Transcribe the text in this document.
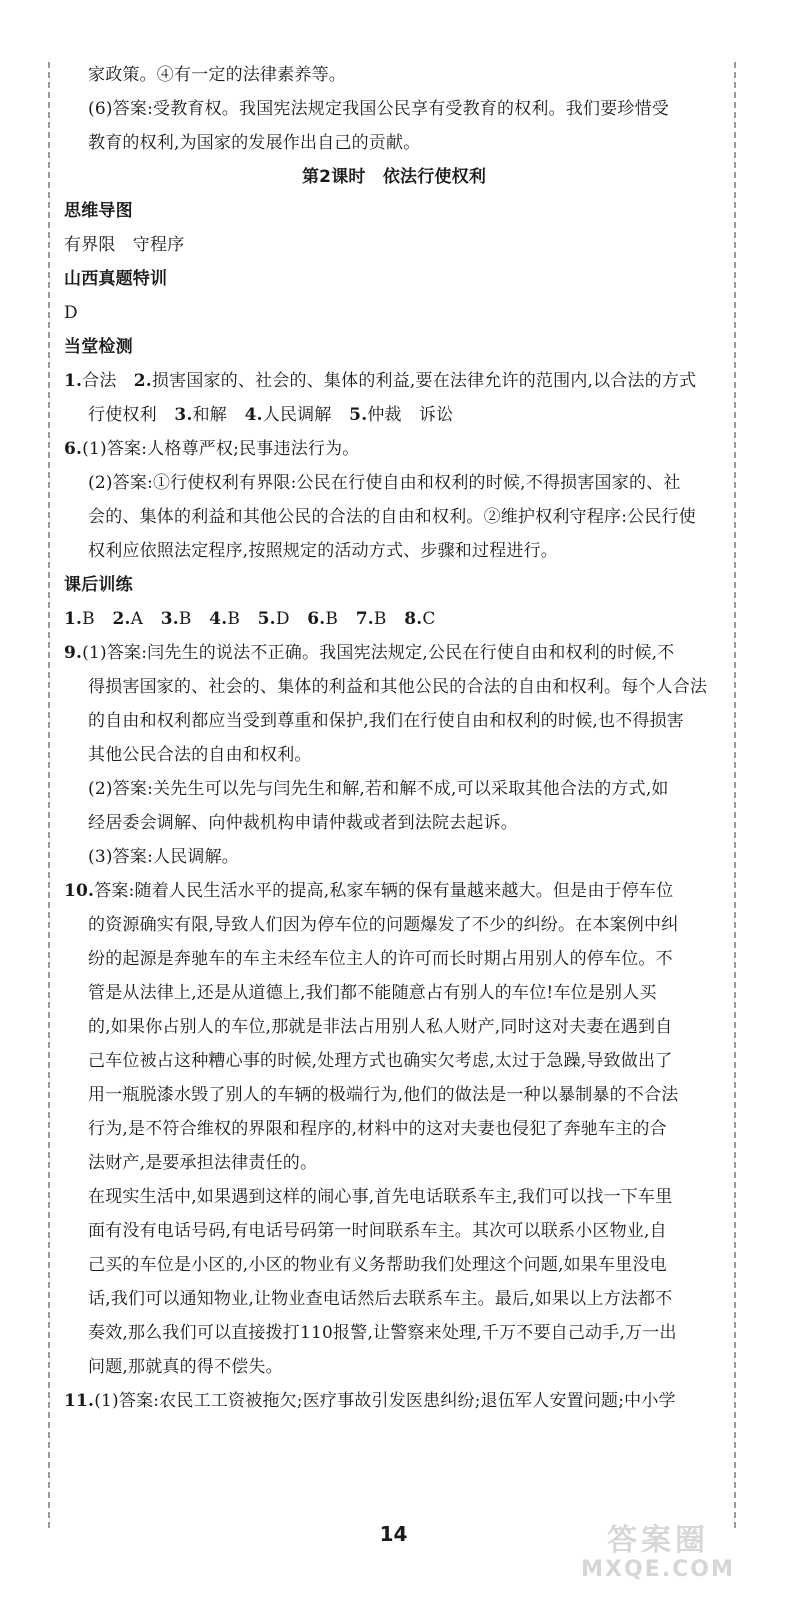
家政策。④有一定的法律素养等。
(6)答案:受教育权。我国宪法规定我国公民享有受教育的权利。我们要珍惜受
教育的权利,为国家的发展作出自己的贡献。
第2课时　依法行使权利
思维导图
有界限　守程序
山西真题特训
D
当堂检测
1.合法　2.损害国家的、社会的、集体的利益,要在法律允许的范围内,以合法的方式
行使权利 3.和解 4.人民调解 5.仲裁　诉讼
6.(1)答案:人格尊严权;民事违法行为。
(2)答案:①行使权利有界限:公民在行使自由和权利的时候,不得损害国家的、社
会的、集体的利益和其他公民的合法的自由和权利。②维护权利守程序:公民行使
权利应依照法定程序,按照规定的活动方式、步骤和过程进行。
课后训练
1.B 2.A 3.B 4.B 5.D 6.B 7.B 8.C
9.(1)答案:闫先生的说法不正确。我国宪法规定,公民在行使自由和权利的时候,不
得损害国家的、社会的、集体的利益和其他公民的合法的自由和权利。每个人合法
的自由和权利都应当受到尊重和保护,我们在行使自由和权利的时候,也不得损害
其他公民合法的自由和权利。
(2)答案:关先生可以先与闫先生和解,若和解不成,可以采取其他合法的方式,如
经居委会调解、向仲裁机构申请仲裁或者到法院去起诉。
(3)答案:人民调解。
10.答案:随着人民生活水平的提高,私家车辆的保有量越来越大。但是由于停车位
的资源确实有限,导致人们因为停车位的问题爆发了不少的纠纷。在本案例中纠
纷的起源是奔驰车的车主未经车位主人的许可而长时期占用别人的停车位。不
管是从法律上,还是从道德上,我们都不能随意占有别人的车位!车位是别人买
的,如果你占别人的车位,那就是非法占用别人私人财产,同时这对夫妻在遇到自
己车位被占这种糟心事的时候,处理方式也确实欠考虑,太过于急躁,导致做出了
用一瓶脱漆水毁了别人的车辆的极端行为,他们的做法是一种以暴制暴的不合法
行为,是不符合维权的界限和程序的,材料中的这对夫妻也侵犯了奔驰车主的合
法财产,是要承担法律责任的。
在现实生活中,如果遇到这样的闹心事,首先电话联系车主,我们可以找一下车里
面有没有电话号码,有电话号码第一时间联系车主。其次可以联系小区物业,自
己买的车位是小区的,小区的物业有义务帮助我们处理这个问题,如果车里没电
话,我们可以通知物业,让物业查电话然后去联系车主。最后,如果以上方法都不
奏效,那么我们可以直接拨打110报警,让警察来处理,千万不要自己动手,万一出
问题,那就真的得不偿失。
11.(1)答案:农民工工资被拖欠;医疗事故引发医患纠纷;退伍军人安置问题;中小学
14	答案圈
MXQE.COM
